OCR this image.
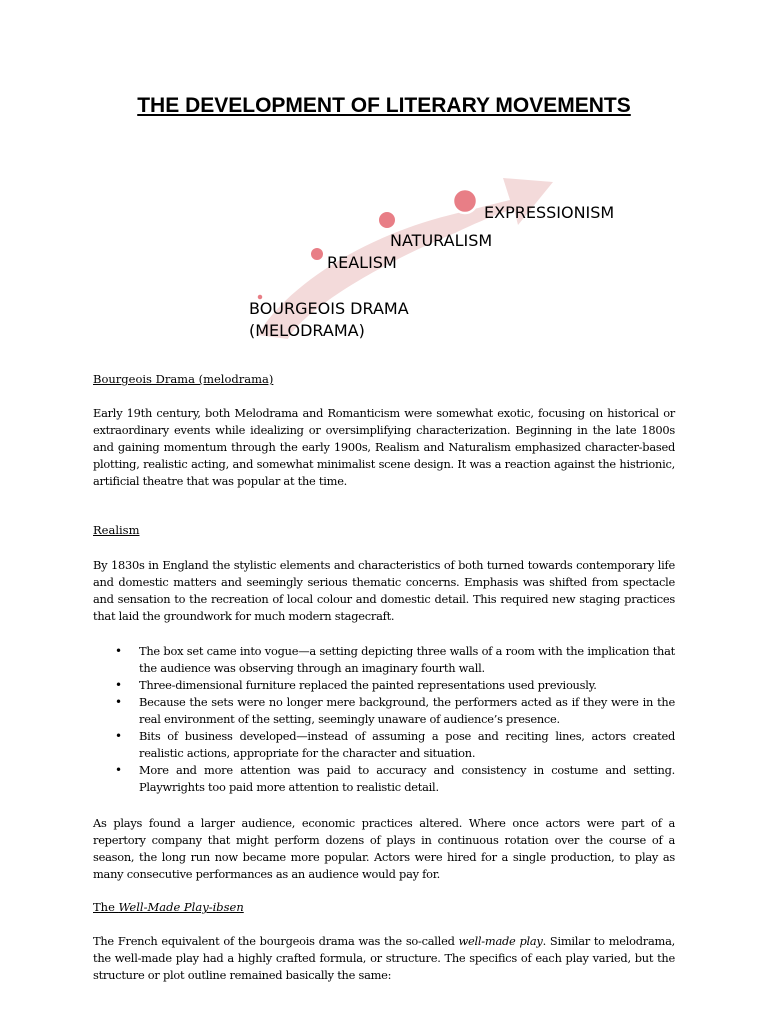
THE DEVELOPMENT OF LITERARY MOVEMENTS
BOURGEOIS DRAMA (MELODRAMA)
REALISM
NATURALISM
EXPRESSIONISM
Bourgeois Drama (melodrama)
Early 19th century, both Melodrama and Romanticism were somewhat exotic, focusing on historical or extraordinary events while idealizing or oversimplifying characterization. Beginning in the late 1800s and gaining momentum through the early 1900s, Realism and Naturalism emphasized character-based plotting, realistic acting, and somewhat minimalist scene design. It was a reaction against the histrionic, artificial theatre that was popular at the time.
Realism
By 1830s in England the stylistic elements and characteristics of both turned towards contemporary life and domestic matters and seemingly serious thematic concerns. Emphasis was shifted from spectacle and sensation to the recreation of local colour and domestic detail. This required new staging practices that laid the groundwork for much modern stagecraft.
• The box set came into vogue—a setting depicting three walls of a room with the implication that the audience was observing through an imaginary fourth wall.
• Three-dimensional furniture replaced the painted representations used previously.
• Because the sets were no longer mere background, the performers acted as if they were in the real environment of the setting, seemingly unaware of audience’s presence.
• Bits of business developed—instead of assuming a pose and reciting lines, actors created realistic actions, appropriate for the character and situation.
• More and more attention was paid to accuracy and consistency in costume and setting. Playwrights too paid more attention to realistic detail.
As plays found a larger audience, economic practices altered. Where once actors were part of a repertory company that might perform dozens of plays in continuous rotation over the course of a season, the long run now became more popular. Actors were hired for a single production, to play as many consecutive performances as an audience would pay for.
The Well-Made Play-ibsen
The French equivalent of the bourgeois drama was the so-called well-made play. Similar to melodrama, the well-made play had a highly crafted formula, or structure. The specifics of each play varied, but the structure or plot outline remained basically the same:
